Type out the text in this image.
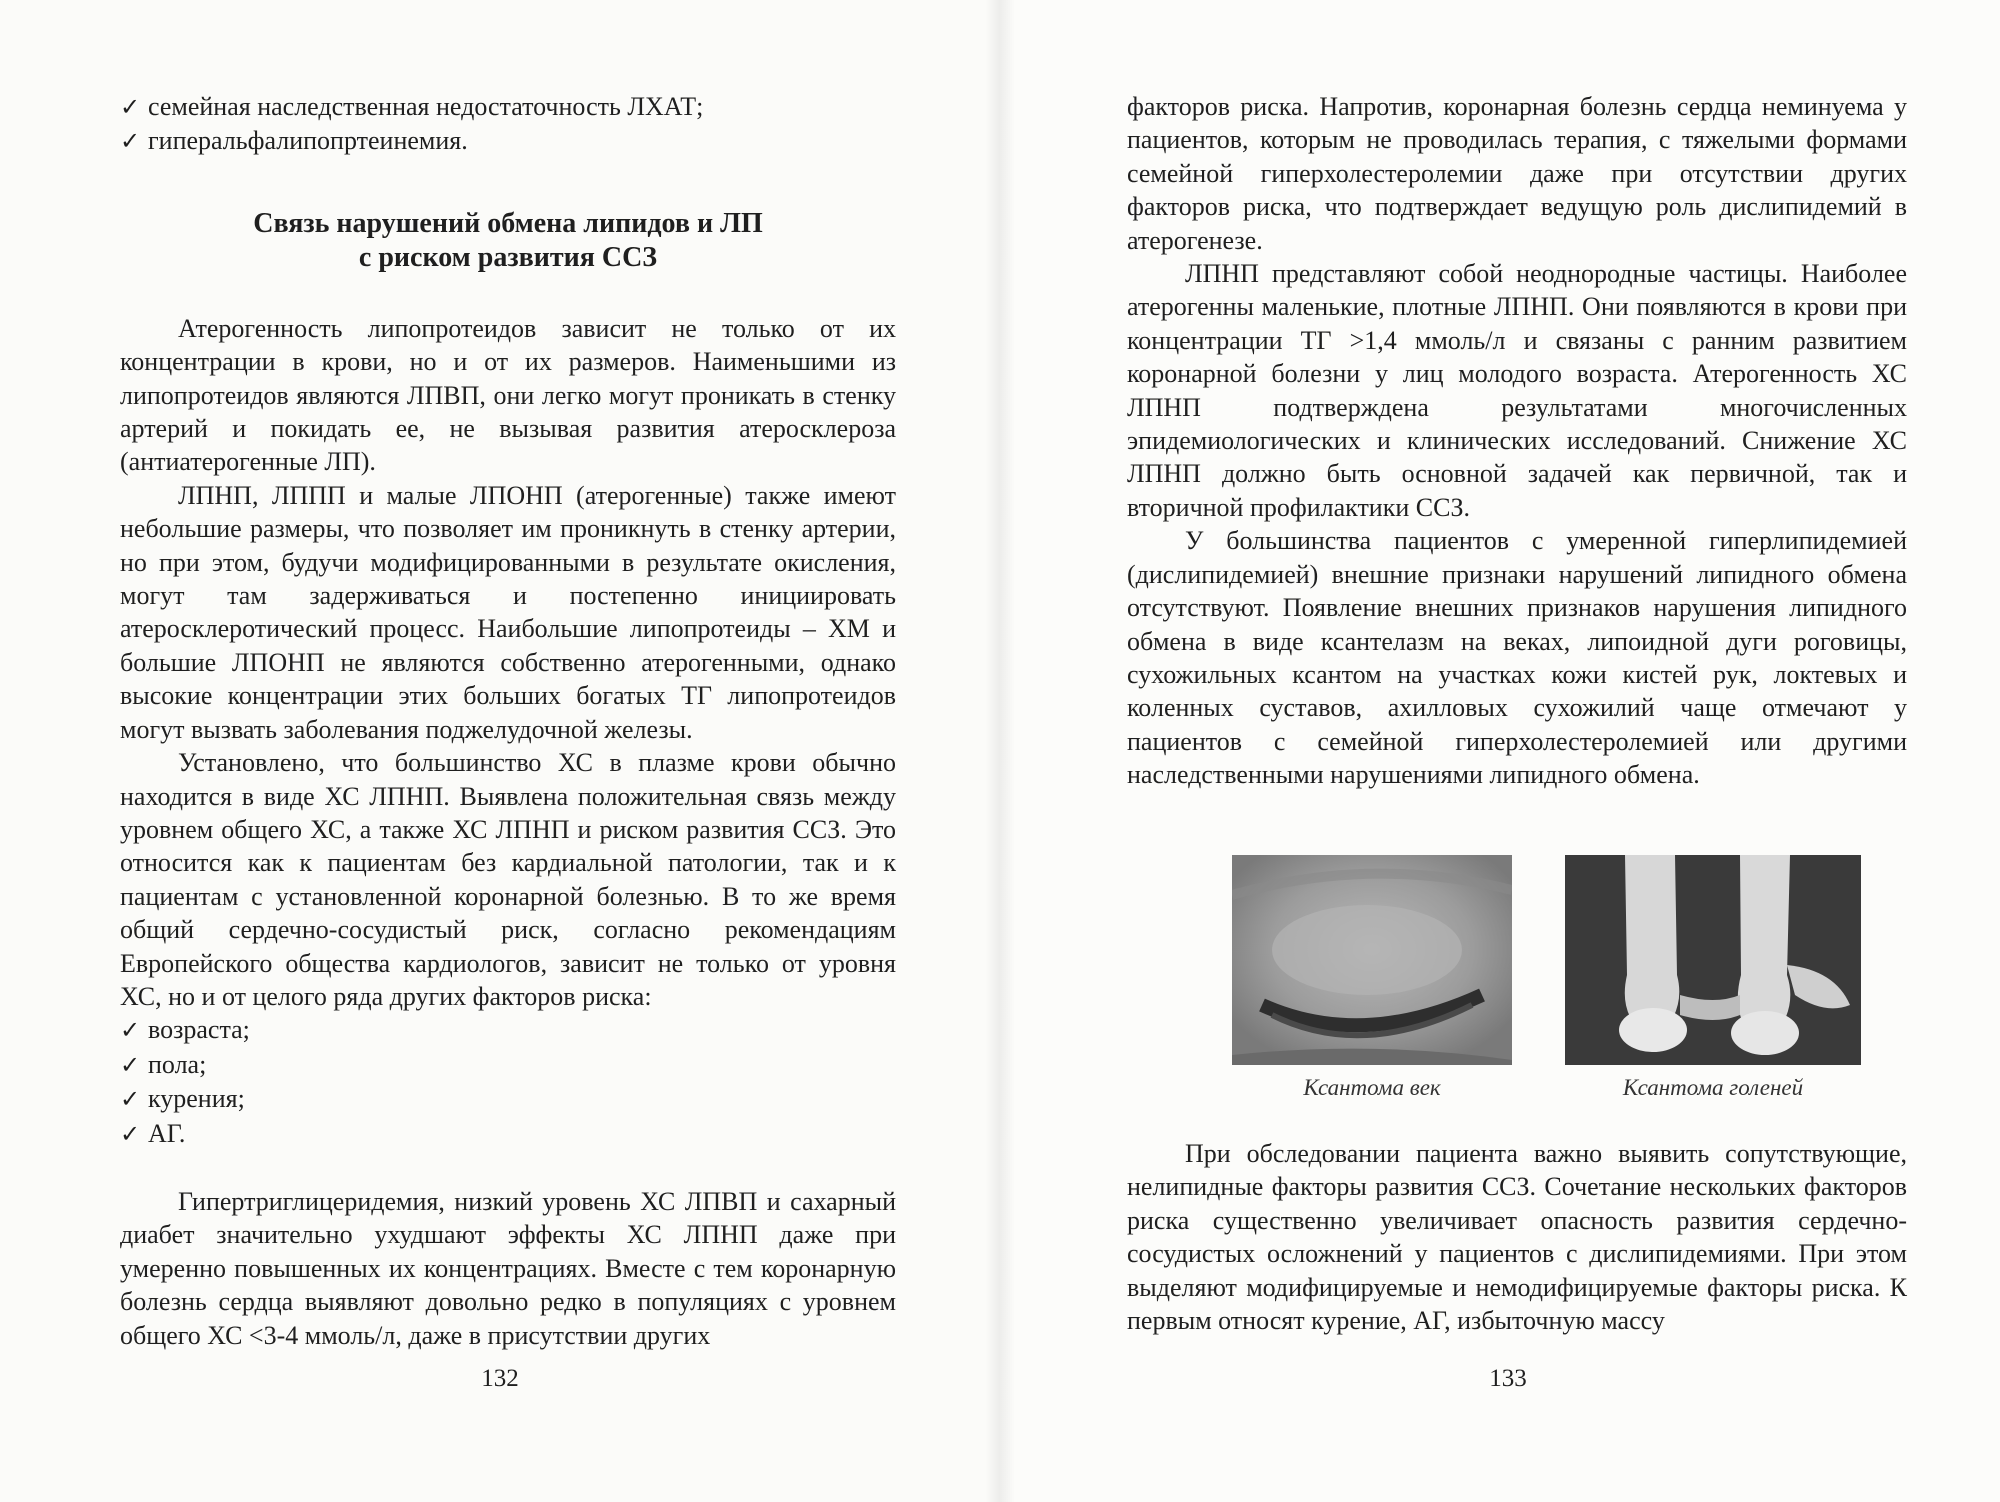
✓ семейная наследственная недостаточность ЛХАТ;

✓ гиперальфалипопртеинемия.

Связь нарушений обмена липидов и ЛП
с риском развития ССЗ

Атерогенность липопротеидов зависит не только от их концентрации в крови, но и от их размеров. Наименьшими из липопротеидов являются ЛПВП, они легко могут проникать в стенку артерий и покидать ее, не вызывая развития атеросклероза (антиатерогенные ЛП).

ЛПНП, ЛППП и малые ЛПОНП (атерогенные) также имеют небольшие размеры, что позволяет им проникнуть в стенку артерии, но при этом, будучи модифицированными в результате окисления, могут там задерживаться и постепенно инициировать атеросклеротический процесс. Наибольшие липопротеиды – ХМ и большие ЛПОНП не являются собственно атерогенными, однако высокие концентрации этих больших богатых ТГ липопротеидов могут вызвать заболевания поджелудочной железы.

Установлено, что большинство ХС в плазме крови обычно находится в виде ХС ЛПНП. Выявлена положительная связь между уровнем общего ХС, а также ХС ЛПНП и риском развития ССЗ. Это относится как к пациентам без кардиальной патологии, так и к пациентам с установленной коронарной болезнью. В то же время общий сердечно-сосудистый риск, согласно рекомендациям Европейского общества кардиологов, зависит не только от уровня ХС, но и от целого ряда других факторов риска:

✓ возраста;

✓ пола;

✓ курения;

✓ АГ.

Гипертриглицеридемия, низкий уровень ХС ЛПВП и сахарный диабет значительно ухудшают эффекты ХС ЛПНП даже при умеренно повышенных их концентрациях. Вместе с тем коронарную болезнь сердца выявляют довольно редко в популяциях с уровнем общего ХС <3-4 ммоль/л, даже в присутствии других

132

факторов риска. Напротив, коронарная болезнь сердца неминуема у пациентов, которым не проводилась терапия, с тяжелыми формами семейной гиперхолестеролемии даже при отсутствии других факторов риска, что подтверждает ведущую роль дислипидемий в атерогенезе.

ЛПНП представляют собой неоднородные частицы. Наиболее атерогенны маленькие, плотные ЛПНП. Они появляются в крови при концентрации ТГ >1,4 ммоль/л и связаны с ранним развитием коронарной болезни у лиц молодого возраста. Атерогенность ХС ЛПНП подтверждена результатами многочисленных эпидемиологических и клинических исследований. Снижение ХС ЛПНП должно быть основной задачей как первичной, так и вторичной профилактики ССЗ.

У большинства пациентов с умеренной гиперлипидемией (дислипидемией) внешние признаки нарушений липидного обмена отсутствуют. Появление внешних признаков нарушения липидного обмена в виде ксантелазм на веках, липоидной дуги роговицы, сухожильных ксантом на участках кожи кистей рук, локтевых и коленных суставов, ахилловых сухожилий чаще отмечают у пациентов с семейной гиперхолестеролемией или другими наследственными нарушениями липидного обмена.

Ксантома век	Ксантома голеней

При обследовании пациента важно выявить сопутствующие, нелипидные факторы развития ССЗ. Сочетание нескольких факторов риска существенно увеличивает опасность развития сердечно-сосудистых осложнений у пациентов с дислипидемиями. При этом выделяют модифицируемые и немодифицируемые факторы риска. К первым относят курение, АГ, избыточную массу

133
